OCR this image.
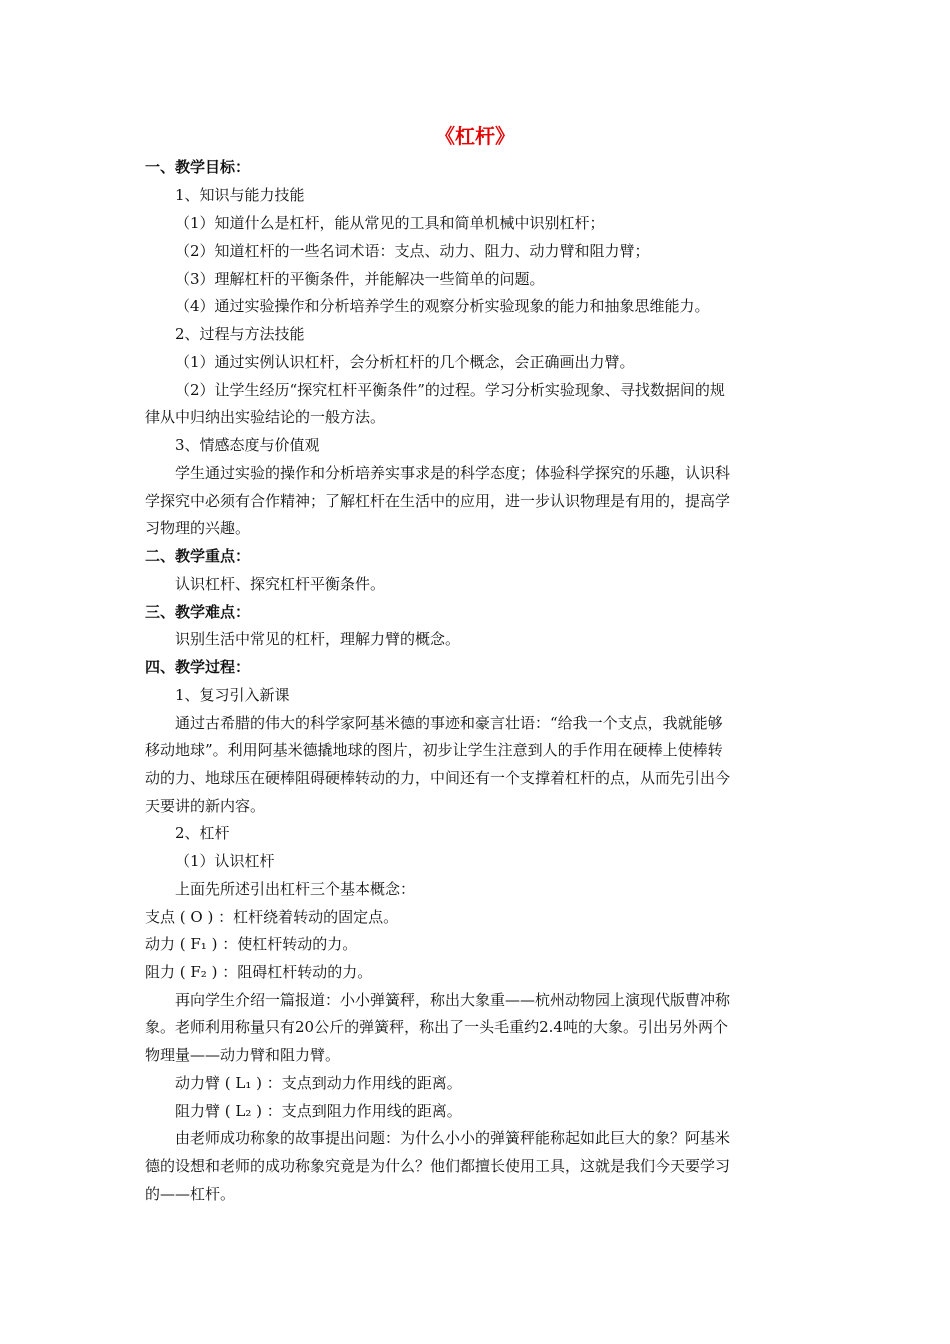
《杠杆》
一、教学目标：
1、知识与能力技能
（1）知道什么是杠杆，能从常见的工具和简单机械中识别杠杆；
（2）知道杠杆的一些名词术语：支点、动力、阻力、动力臂和阻力臂；
（3）理解杠杆的平衡条件，并能解决一些简单的问题。
（4）通过实验操作和分析培养学生的观察分析实验现象的能力和抽象思维能力。
2、过程与方法技能
（1）通过实例认识杠杆，会分析杠杆的几个概念，会正确画出力臂。
（2）让学生经历“探究杠杆平衡条件”的过程。学习分析实验现象、寻找数据间的规
律从中归纳出实验结论的一般方法。
3、情感态度与价值观
学生通过实验的操作和分析培养实事求是的科学态度；体验科学探究的乐趣，认识科
学探究中必须有合作精神；了解杠杆在生活中的应用，进一步认识物理是有用的，提高学
习物理的兴趣。
二、教学重点：
认识杠杆、探究杠杆平衡条件。
三、教学难点：
识别生活中常见的杠杆，理解力臂的概念。
四、教学过程：
1、复习引入新课
通过古希腊的伟大的科学家阿基米德的事迹和豪言壮语：“给我一个支点，我就能够
移动地球”。利用阿基米德撬地球的图片，初步让学生注意到人的手作用在硬棒上使棒转
动的力、地球压在硬棒阻碍硬棒转动的力，中间还有一个支撑着杠杆的点，从而先引出今
天要讲的新内容。
2、杠杆
（1）认识杠杆
上面先所述引出杠杆三个基本概念：
支点 ( O ) ：杠杆绕着转动的固定点。
动力 ( F₁ ) ：使杠杆转动的力。
阻力 ( F₂ ) ：阻碍杠杆转动的力。
再向学生介绍一篇报道：小小弹簧秤，称出大象重——杭州动物园上演现代版曹冲称
象。老师利用称量只有20公斤的弹簧秤，称出了一头毛重约2.4吨的大象。引出另外两个
物理量——动力臂和阻力臂。
动力臂 ( L₁ ) ：支点到动力作用线的距离。
阻力臂 ( L₂ ) ：支点到阻力作用线的距离。
由老师成功称象的故事提出问题：为什么小小的弹簧秤能称起如此巨大的象？阿基米
德的设想和老师的成功称象究竟是为什么？他们都擅长使用工具，这就是我们今天要学习
的——杠杆。
